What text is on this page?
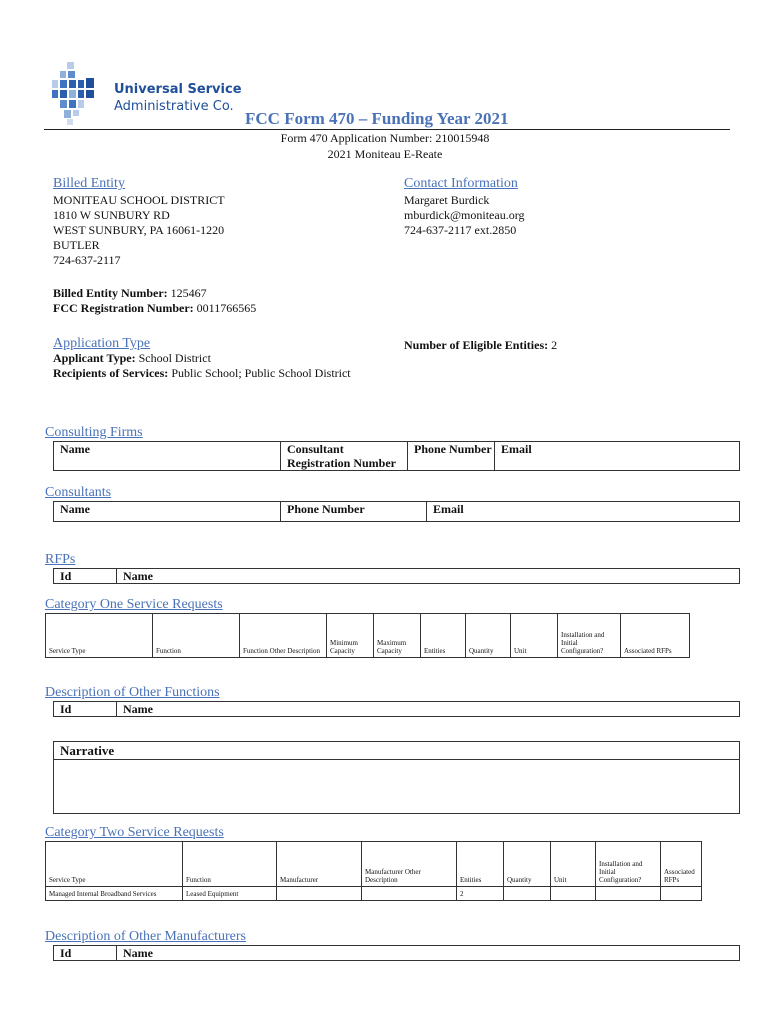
Universal Service
Administrative Co.
FCC Form 470 – Funding Year 2021
Form 470 Application Number: 210015948
2021 Moniteau E-Reate
Billed Entity
MONITEAU SCHOOL DISTRICT
1810 W SUNBURY RD
WEST SUNBURY, PA 16061-1220
BUTLER
724-637-2117
Contact Information
Margaret Burdick
mburdick@moniteau.org
724-637-2117 ext.2850
Billed Entity Number: 125467
FCC Registration Number: 0011766565
Application Type
Applicant Type: School District
Recipients of Services: Public School; Public School District
Number of Eligible Entities: 2
Consulting Firms
Name	Consultant Registration Number	Phone Number	Email
Consultants
Name	Phone Number	Email
RFPs
Id	Name
Category One Service Requests
Service Type	Function	Function Other Description	Minimum Capacity	Maximum Capacity	Entities	Quantity	Unit	Installation and Initial Configuration?	Associated RFPs
Description of Other Functions
Id	Name
Narrative
Category Two Service Requests
Service Type	Function	Manufacturer	Manufacturer Other Description	Entities	Quantity	Unit	Installation and Initial Configuration?	Associated RFPs
Managed Internal Broadband Services	Leased Equipment			2				
Description of Other Manufacturers
Id	Name
